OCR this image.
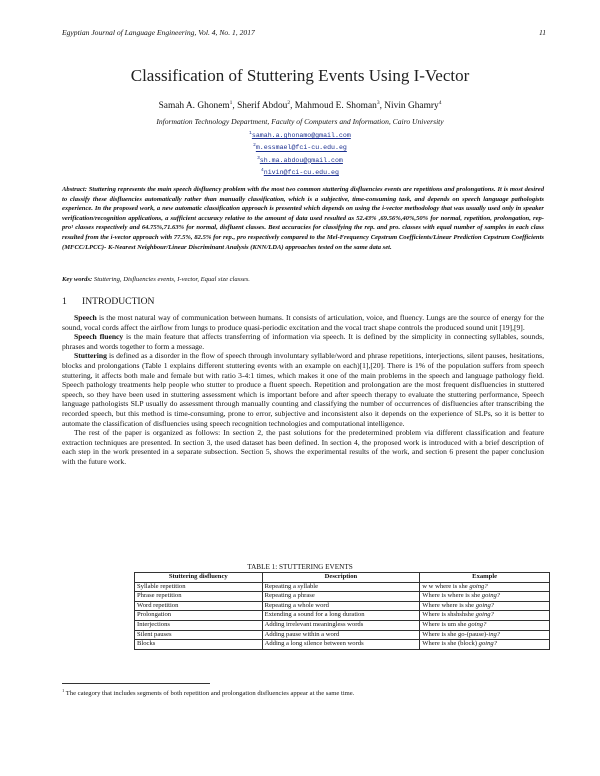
Egyptian Journal of Language Engineering, Vol. 4, No. 1, 2017	11
Classification of Stuttering Events Using I-Vector
Samah A. Ghonem$^1$, Sherif Abdou$^2$, Mahmoud E. Shoman$^3$, Nivin Ghamry$^4$
Information Technology Department, Faculty of Computers and Information, Cairo University
$^1$samah.a.ghonamo@gmail.com
$^2$m.essmael@fci-cu.edu.eg
$^3$sh.ma.abdou@gmail.com
$^4$nivin@fci-cu.edu.eg
Abstract: Stuttering represents the main speech disfluency problem with the most two common stuttering disfluencies events are repetitions and prolongations. It is most desired to classify these disfluencies automatically rather than manually classification, which is a subjective, time-consuming task, and depends on speech language pathologists experience. In the proposed work, a new automatic classification approach is presented which depends on using the i-vector methodology that was usually used only in speaker verification/recognition applications, a sufficient accuracy relative to the amount of data used resulted as 52.43% ,69.56%,40%,50% for normal, repetition, prolongation, rep-pro¹ classes respectively and 64.75%,71.63% for normal, disfluent classes. Best accuracies for classifying the rep. and pro. classes with equal number of samples in each class resulted from the i-vector approach with 77.5%, 82.5% for rep., pro respectively compared to the Mel-Frequency Cepstrum Coefficients/Linear Prediction Cepstrum Coefficients (MFCC/LPCC)- K-Nearest Neighbour/Linear Discriminant Analysis (KNN/LDA) approaches tested on the same data set.
Key words: Stuttering, Disfluencies events, I-vector, Equal size classes.
1 INTRODUCTION

Speech is the most natural way of communication between humans. It consists of articulation, voice, and fluency. Lungs are the source of energy for the sound, vocal cords affect the airflow from lungs to produce quasi-periodic excitation and the vocal tract shape controls the produced sound unit [19],[9].

Speech fluency is the main feature that affects transferring of information via speech. It is defined by the simplicity in connecting syllables, sounds, phrases and words together to form a message.

Stuttering is defined as a disorder in the flow of speech through involuntary syllable/word and phrase repetitions, interjections, silent pauses, hesitations, blocks and prolongations (Table 1 explains different stuttering events with an example on each)[1],[20]. There is 1% of the population suffers from speech stuttering, it affects both male and female but with ratio 3-4:1 times, which makes it one of the main problems in the speech and language pathology field. Speech pathology treatments help people who stutter to produce a fluent speech. Repetition and prolongation are the most frequent disfluencies in stuttered speech, so they have been used in stuttering assessment which is important before and after speech therapy to evaluate the stuttering performance, Speech language pathologists SLP usually do assessment through manually counting and classifying the number of occurrences of disfluencies after transcribing the recorded speech, but this method is time-consuming, prone to error, subjective and inconsistent also it depends on the experience of SLPs, so it is better to automate the classification of disfluencies using speech recognition technologies and computational intelligence.

The rest of the paper is organized as follows: In section 2, the past solutions for the predetermined problem via different classification and feature extraction techniques are presented. In section 3, the used dataset has been defined. In section 4, the proposed work is introduced with a brief description of each step in the work presented in a separate subsection. Section 5, shows the experimental results of the work, and section 6 present the paper conclusion with the future work.

TABLE 1: STUTTERING EVENTS
Stuttering disfluency	Description	Example
Syllable repetition	Repeating a syllable	w w where is she going?
Phrase repetition	Repeating a phrase	Where is where is she going?
Word repetition	Repeating a whole word	Where where is she going?
Prolongation	Extending a sound for a long duration	Where is shshshshe going?
Interjections	Adding irrelevant meaningless words	Where is um she going?
Silent pauses	Adding pause within a word	Where is she go-(pause)-ing?
Blocks	Adding a long silence between words	Where is she (block) going?
$^1$ The category that includes segments of both repetition and prolongation disfluencies appear at the same time.
